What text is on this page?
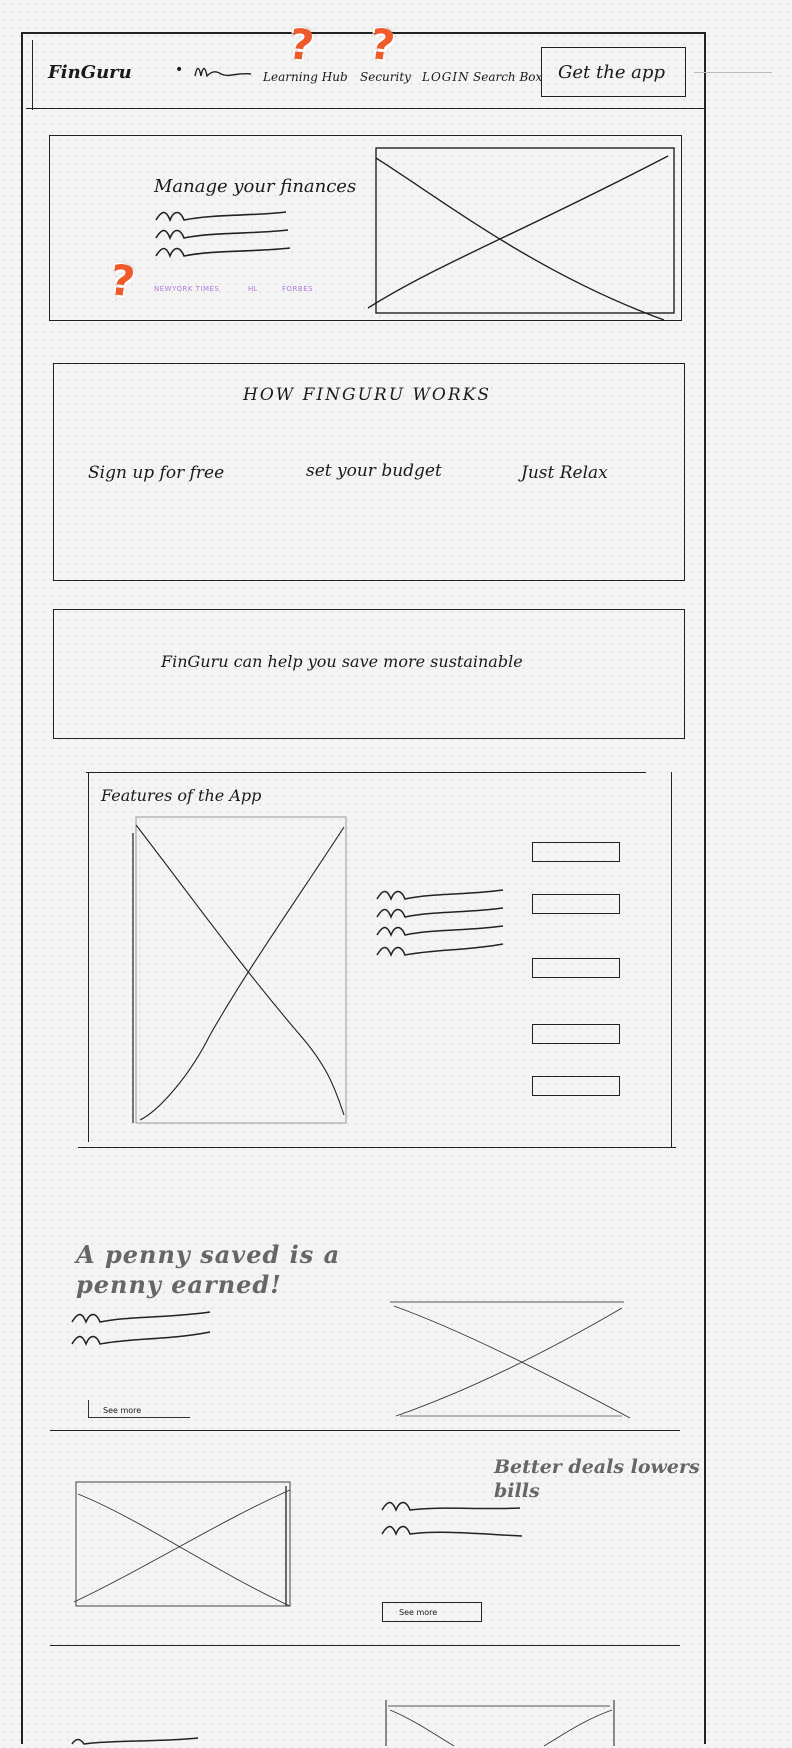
FinGuru	•	Learning Hub Security LOGIN Search Box Get the app
? ?
Manage your finances
NEWYORK TIMES	HL	FORBES
?
HOW FINGURU WORKS
Sign up for free	set your budget	Just Relax
FinGuru can help you save more sustainable
Features of the App
A penny saved is a
penny earned!
See more
Better deals lowers
bills
See more
